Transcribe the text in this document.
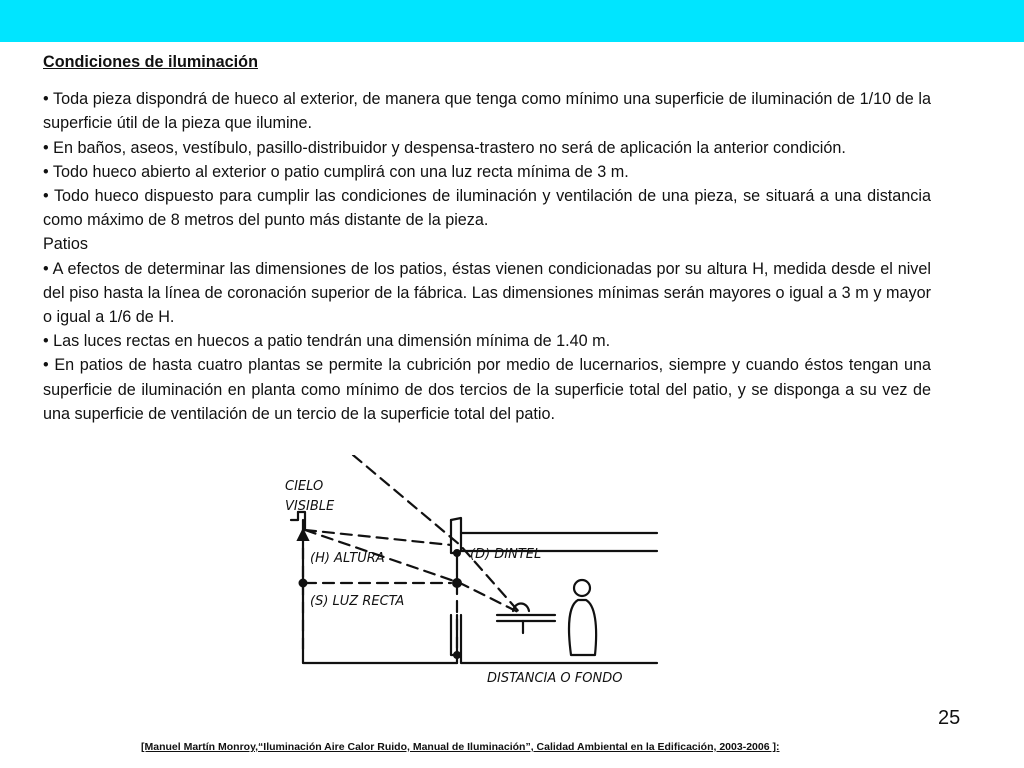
Condiciones de iluminación
• Toda pieza dispondrá de hueco al exterior, de manera que tenga como mínimo una superficie de iluminación de 1/10 de la superficie útil de la pieza que ilumine.
• En baños, aseos, vestíbulo, pasillo-distribuidor y despensa-trastero no será de aplicación la anterior condición.
• Todo hueco abierto al exterior o patio cumplirá con una luz recta mínima de 3 m.
• Todo hueco dispuesto para cumplir las condiciones de iluminación y ventilación de una pieza, se situará a una distancia como máximo de 8 metros del punto más distante de la pieza.
Patios
• A efectos de determinar las dimensiones de los patios, éstas vienen condicionadas por su altura H, medida desde el nivel del piso hasta la línea de coronación superior de la fábrica. Las dimensiones mínimas serán mayores o igual a 3 m y mayor o igual a 1/6 de H.
• Las luces rectas en huecos a patio tendrán una dimensión mínima de 1.40 m.
• En patios de hasta cuatro plantas se permite la cubrición por medio de lucernarios, siempre y cuando éstos tengan una superficie de iluminación en planta como mínimo de dos tercios de la superficie total del patio, y se disponga a su vez de una superficie de ventilación de un tercio de la superficie total del patio.
CIELO
VISIBLE
(H) ALTURA	(D) DINTEL
(S) LUZ RECTA
DISTANCIA O FONDO
25
[Manuel Martín Monroy,“Iluminación Aire Calor Ruido, Manual de Iluminación”, Calidad Ambiental en la Edificación, 2003-2006 ]:
